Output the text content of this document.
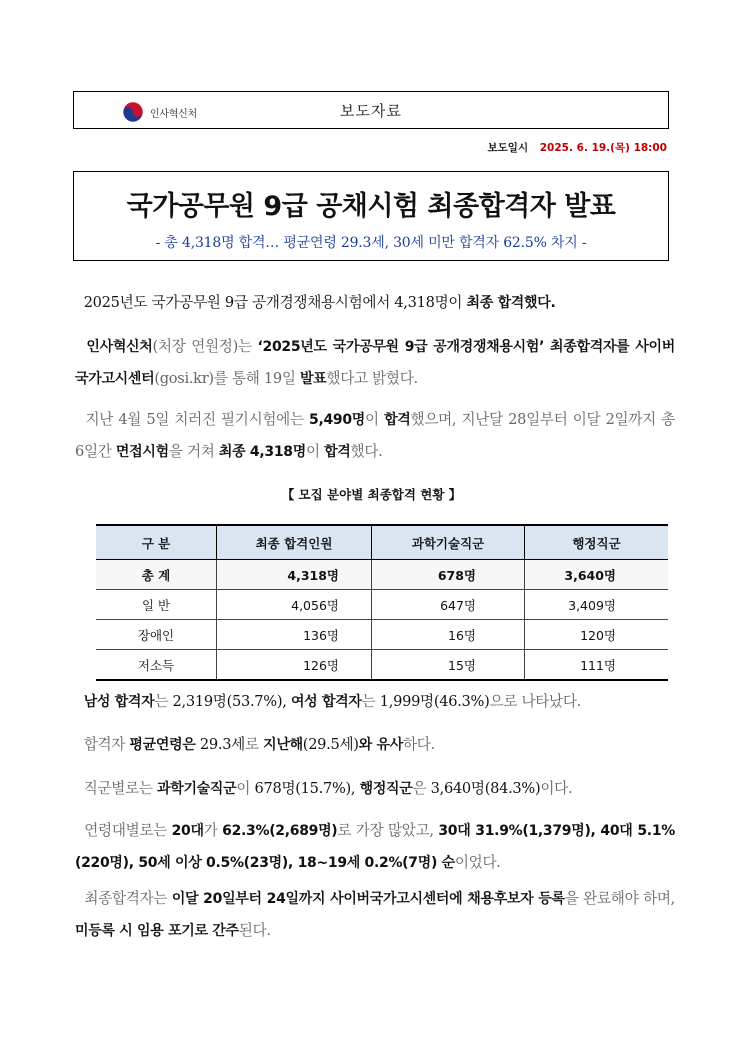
인사혁신처	보도자료
보도일시 2025. 6. 19.(목) 18:00
국가공무원 9급 공채시험 최종합격자 발표
- 총 4,318명 합격… 평균연령 29.3세, 30세 미만 합격자 62.5% 차지 -
2025년도 국가공무원 9급 공개경쟁채용시험에서 4,318명이 최종 합격했다.
인사혁신처(처장 연원정)는 ‘2025년도 국가공무원 9급 공개경쟁채용시험’ 최종합격자를 사이버국가고시센터(gosi.kr)를 통해 19일 발표했다고 밝혔다.
지난 4월 5일 치러진 필기시험에는 5,490명이 합격했으며, 지난달 28일부터 이달 2일까지 총 6일간 면접시험을 거쳐 최종 4,318명이 합격했다.
【 모집 분야별 최종합격 현황 】
구 분	최종 합격인원	과학기술직군	행정직군
총 계	4,318명	678명	3,640명
일 반	4,056명	647명	3,409명
장애인	136명	16명	120명
저소득	126명	15명	111명
남성 합격자는 2,319명(53.7%), 여성 합격자는 1,999명(46.3%)으로 나타났다.
합격자 평균연령은 29.3세로 지난해(29.5세)와 유사하다.
직군별로는 과학기술직군이 678명(15.7%), 행정직군은 3,640명(84.3%)이다.
연령대별로는 20대가 62.3%(2,689명)로 가장 많았고, 30대 31.9%(1,379명), 40대 5.1%(220명), 50세 이상 0.5%(23명), 18~19세 0.2%(7명) 순이었다.
최종합격자는 이달 20일부터 24일까지 사이버국가고시센터에 채용후보자 등록을 완료해야 하며, 미등록 시 임용 포기로 간주된다.
